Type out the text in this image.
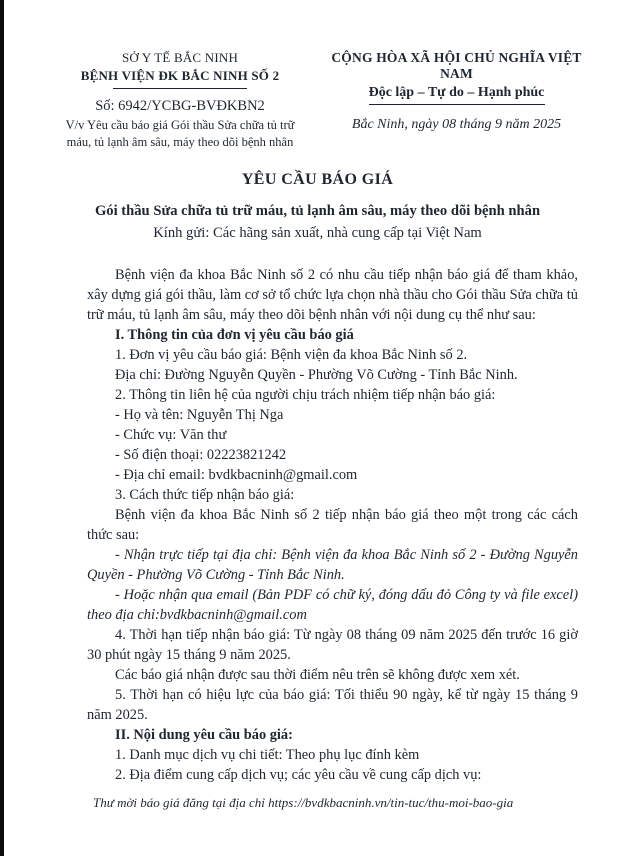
SỞ Y TẾ BẮC NINH
BỆNH VIỆN ĐK BẮC NINH SỐ 2
Số: 6942/YCBG-BVĐKBN2
V/v Yêu cầu báo giá Gói thầu Sửa chữa tủ trữ máu, tủ lạnh âm sâu, máy theo dõi bệnh nhân
CỘNG HÒA XÃ HỘI CHỦ NGHĨA VIỆT NAM
Độc lập – Tự do – Hạnh phúc
Bắc Ninh, ngày 08 tháng 9 năm 2025
YÊU CẦU BÁO GIÁ
Gói thầu Sửa chữa tủ trữ máu, tủ lạnh âm sâu, máy theo dõi bệnh nhân
Kính gửi: Các hãng sản xuất, nhà cung cấp tại Việt Nam

Bệnh viện đa khoa Bắc Ninh số 2 có nhu cầu tiếp nhận báo giá để tham khảo, xây dựng giá gói thầu, làm cơ sở tổ chức lựa chọn nhà thầu cho Gói thầu Sửa chữa tủ trữ máu, tủ lạnh âm sâu, máy theo dõi bệnh nhân với nội dung cụ thể như sau:

I. Thông tin của đơn vị yêu cầu báo giá

1. Đơn vị yêu cầu báo giá: Bệnh viện đa khoa Bắc Ninh số 2.

Địa chỉ: Đường Nguyễn Quyền - Phường Võ Cường - Tỉnh Bắc Ninh.

2. Thông tin liên hệ của người chịu trách nhiệm tiếp nhận báo giá:

- Họ và tên: Nguyễn Thị Nga

- Chức vụ: Văn thư

- Số điện thoại: 02223821242

- Địa chỉ email: bvdkbacninh@gmail.com

3. Cách thức tiếp nhận báo giá:

Bệnh viện đa khoa Bắc Ninh số 2 tiếp nhận báo giá theo một trong các cách thức sau:

- Nhận trực tiếp tại địa chỉ: Bệnh viện đa khoa Bắc Ninh số 2 - Đường Nguyễn Quyền - Phường Võ Cường - Tỉnh Bắc Ninh.

- Hoặc nhận qua email (Bản PDF có chữ ký, đóng dấu đỏ Công ty và file excel) theo địa chỉ:bvdkbacninh@gmail.com

4. Thời hạn tiếp nhận báo giá: Từ ngày 08 tháng 09 năm 2025 đến trước 16 giờ 30 phút ngày 15 tháng 9 năm 2025.

Các báo giá nhận được sau thời điểm nêu trên sẽ không được xem xét.

5. Thời hạn có hiệu lực của báo giá: Tối thiểu 90 ngày, kể từ ngày 15 tháng 9 năm 2025.

II. Nội dung yêu cầu báo giá:

1. Danh mục dịch vụ chi tiết: Theo phụ lục đính kèm

2. Địa điểm cung cấp dịch vụ; các yêu cầu về cung cấp dịch vụ:

Thư mời báo giá đăng tại địa chỉ https://bvdkbacninh.vn/tin-tuc/thu-moi-bao-gia
